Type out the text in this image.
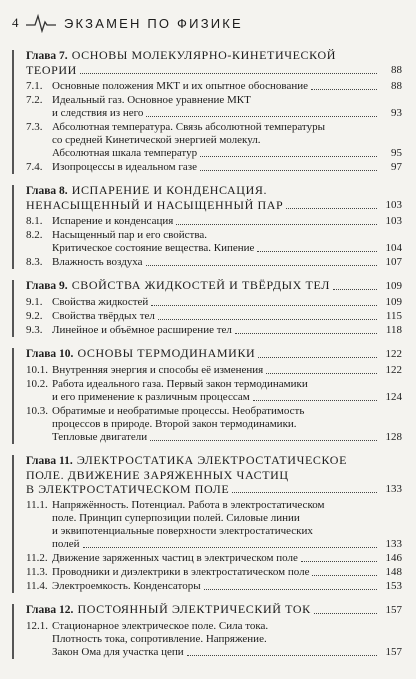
4	ЭКЗАМЕН ПО ФИЗИКЕ
Глава 7. ОСНОВЫ МОЛЕКУЛЯРНО-КИНЕТИЧЕСКОЙ
ТЕОРИИ	88
7.1. Основные положения МКТ и их опытное обоснование	88
7.2. Идеальный газ. Основное уравнение МКТ
и следствия из него	93
7.3. Абсолютная температура. Связь абсолютной температуры
со средней Кинетической энергией молекул.
Абсолютная шкала температур	95
7.4. Изопроцессы в идеальном газе	97
Глава 8. ИСПАРЕНИЕ И КОНДЕНСАЦИЯ.
НЕНАСЫЩЕННЫЙ И НАСЫЩЕННЫЙ ПАР	103
8.1. Испарение и конденсация	103
8.2. Насыщенный пар и его свойства.
Критическое состояние вещества. Кипение	104
8.3. Влажность воздуха	107
Глава 9. СВОЙСТВА ЖИДКОСТЕЙ И ТВЁРДЫХ ТЕЛ	109
9.1. Свойства жидкостей	109
9.2. Свойства твёрдых тел	115
9.3. Линейное и объёмное расширение тел	118
Глава 10. ОСНОВЫ ТЕРМОДИНАМИКИ	122
10.1. Внутренняя энергия и способы её изменения	122
10.2. Работа идеального газа. Первый закон термодинамики
и его применение к различным процессам	124
10.3. Обратимые и необратимые процессы. Необратимость
процессов в природе. Второй закон термодинамики.
Тепловые двигатели	128
Глава 11. ЭЛЕКТРОСТАТИКА ЭЛЕКТРОСТАТИЧЕСКОЕ
ПОЛЕ. ДВИЖЕНИЕ ЗАРЯЖЕННЫХ ЧАСТИЦ
В ЭЛЕКТРОСТАТИЧЕСКОМ ПОЛЕ	133
11.1. Напряжённость. Потенциал. Работа в электростатическом
поле. Принцип суперпозиции полей. Силовые линии
и эквипотенциальные поверхности электростатических
полей	133
11.2. Движение заряженных частиц в электрическом поле	146
11.3. Проводники и диэлектрики в электростатическом поле	148
11.4. Электроемкость. Конденсаторы	153
Глава 12. ПОСТОЯННЫЙ ЭЛЕКТРИЧЕСКИЙ ТОК	157
12.1. Стационарное электрическое поле. Сила тока.
Плотность тока, сопротивление. Напряжение.
Закон Ома для участка цепи	157
